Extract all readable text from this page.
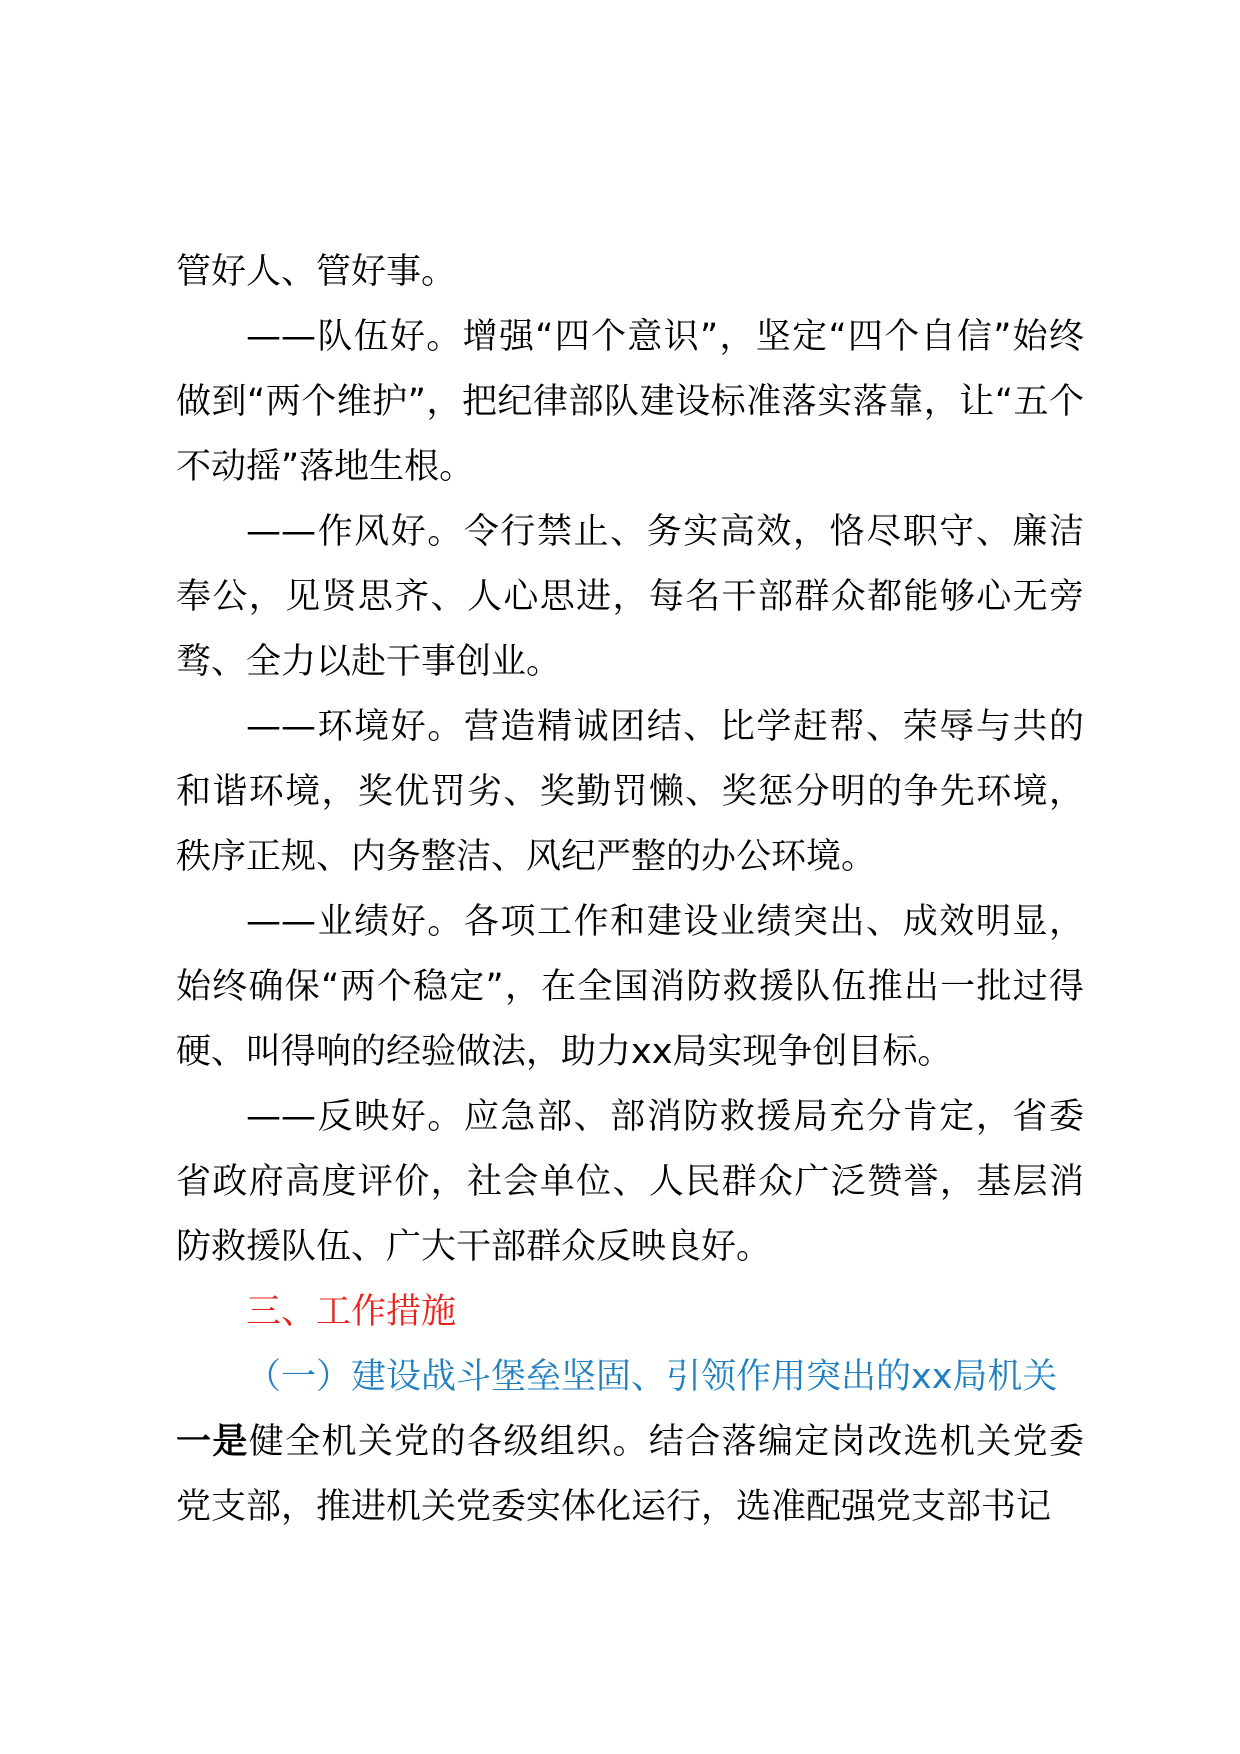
管好人、管好事。

——队伍好。增强“四个意识”，坚定“四个自信”始终做到“两个维护”，把纪律部队建设标准落实落靠，让“五个不动摇”落地生根。

——作风好。令行禁止、务实高效，恪尽职守、廉洁奉公，见贤思齐、人心思进，每名干部群众都能够心无旁骛、全力以赴干事创业。

——环境好。营造精诚团结、比学赶帮、荣辱与共的和谐环境，奖优罚劣、奖勤罚懒、奖惩分明的争先环境，秩序正规、内务整洁、风纪严整的办公环境。

——业绩好。各项工作和建设业绩突出、成效明显，始终确保“两个稳定”，在全国消防救援队伍推出一批过得硬、叫得响的经验做法，助力xx局实现争创目标。

——反映好。应急部、部消防救援局充分肯定，省委省政府高度评价，社会单位、人民群众广泛赞誉，基层消防救援队伍、广大干部群众反映良好。

三、工作措施

（一）建设战斗堡垒坚固、引领作用突出的xx局机关

一是健全机关党的各级组织。结合落编定岗改选机关党委党支部，推进机关党委实体化运行，选准配强党支部书记
